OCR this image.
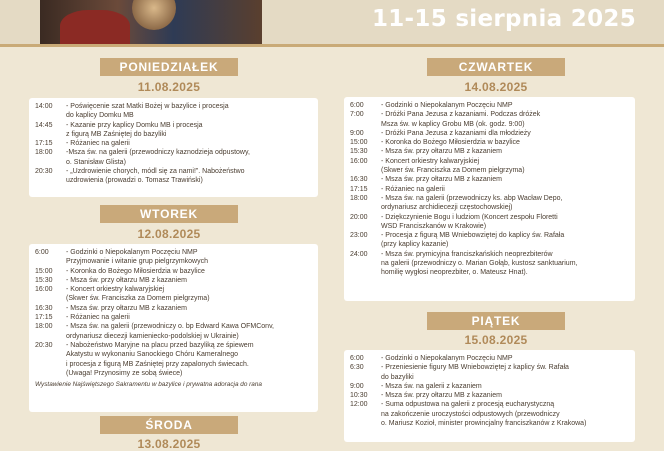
11-15 sierpnia 2025
PONIEDZIAŁEK
11.08.2025
14:00	- Poświęcenie szat Matki Bożej w bazylice i procesja
do kaplicy Domku MB
14:45	- Kazanie przy kaplicy Domku MB i procesja
z figurą MB Zaśniętej do bazyliki
17:15	- Różaniec na galerii
18:00	-Msza św. na galerii (przewodniczy kaznodzieja odpustowy,
o. Stanisław Glista)
20:30	- „Uzdrowienie chorych, módl się za nami!”. Nabożeństwo
uzdrowienia (prowadzi o. Tomasz Trawiński)
WTOREK
12.08.2025
6:00	- Godzinki o Niepokalanym Poczęciu NMP
Przyjmowanie i witanie grup pielgrzymkowych
15:00	- Koronka do Bożego Miłosierdzia w bazylice
15:30	- Msza św. przy ołtarzu MB z kazaniem
16:00	- Koncert orkiestry kalwaryjskiej
(Skwer św. Franciszka za Domem pielgrzyma)
16:30	- Msza św. przy ołtarzu MB z kazaniem
17:15	- Różaniec na galerii
18:00	- Msza św. na galerii (przewodniczy o. bp Edward Kawa OFMConv,
ordynariusz diecezji kamieniecko-podolskiej w Ukrainie)
20:30	- Nabożeństwo Maryjne na placu przed bazyliką ze śpiewem
Akatystu w wykonaniu Sanockiego Chóru Kameralnego
i procesja z figurą MB Zaśniętej przy zapalonych świecach.
(Uwaga! Przynosimy ze sobą świece)
Wystawienie Najświętszego Sakramentu w bazylice i prywatna adoracja do rana
ŚRODA
13.08.2025
CZWARTEK
14.08.2025
6:00	- Godzinki o Niepokalanym Poczęciu NMP
7:00	- Dróżki Pana Jezusa z kazaniami. Podczas dróżek
Msza św. w kaplicy Grobu MB (ok. godz. 9:00)
9:00	- Dróżki Pana Jezusa z kazaniami dla młodzieży
15:00	- Koronka do Bożego Miłosierdzia w bazylice
15:30	- Msza św. przy ołtarzu MB z kazaniem
16:00	- Koncert orkiestry kalwaryjskiej
(Skwer św. Franciszka za Domem pielgrzyma)
16:30	- Msza św. przy ołtarzu MB z kazaniem
17:15	- Różaniec na galerii
18:00	- Msza św. na galerii (przewodniczy ks. abp Wacław Depo,
ordynariusz archidiecezji częstochowskiej)
20:00	- Dziękczynienie Bogu i ludziom (Koncert zespołu Floretti
WSD Franciszkanów w Krakowie)
23:00	- Procesja z figurą MB Wniebowziętej do kaplicy św. Rafała
(przy kaplicy kazanie)
24:00	- Msza św. prymicyjna franciszkańskich neoprezbiterów
na galerii (przewodniczy o. Marian Gołąb, kustosz sanktuarium,
homilię wygłosi neoprezbiter, o. Mateusz Hnat).
PIĄTEK
15.08.2025
6:00	- Godzinki o Niepokalanym Poczęciu NMP
6:30	- Przeniesienie figury MB Wniebowziętej z kaplicy św. Rafała
do bazyliki
9:00	- Msza św. na galerii z kazaniem
10:30	- Msza św. przy ołtarzu MB z kazaniem
12:00	- Suma odpustowa na galerii z procesją eucharystyczną
na zakończenie uroczystości odpustowych (przewodniczy
o. Mariusz Kozioł, minister prowincjalny franciszkanów z Krakowa)
